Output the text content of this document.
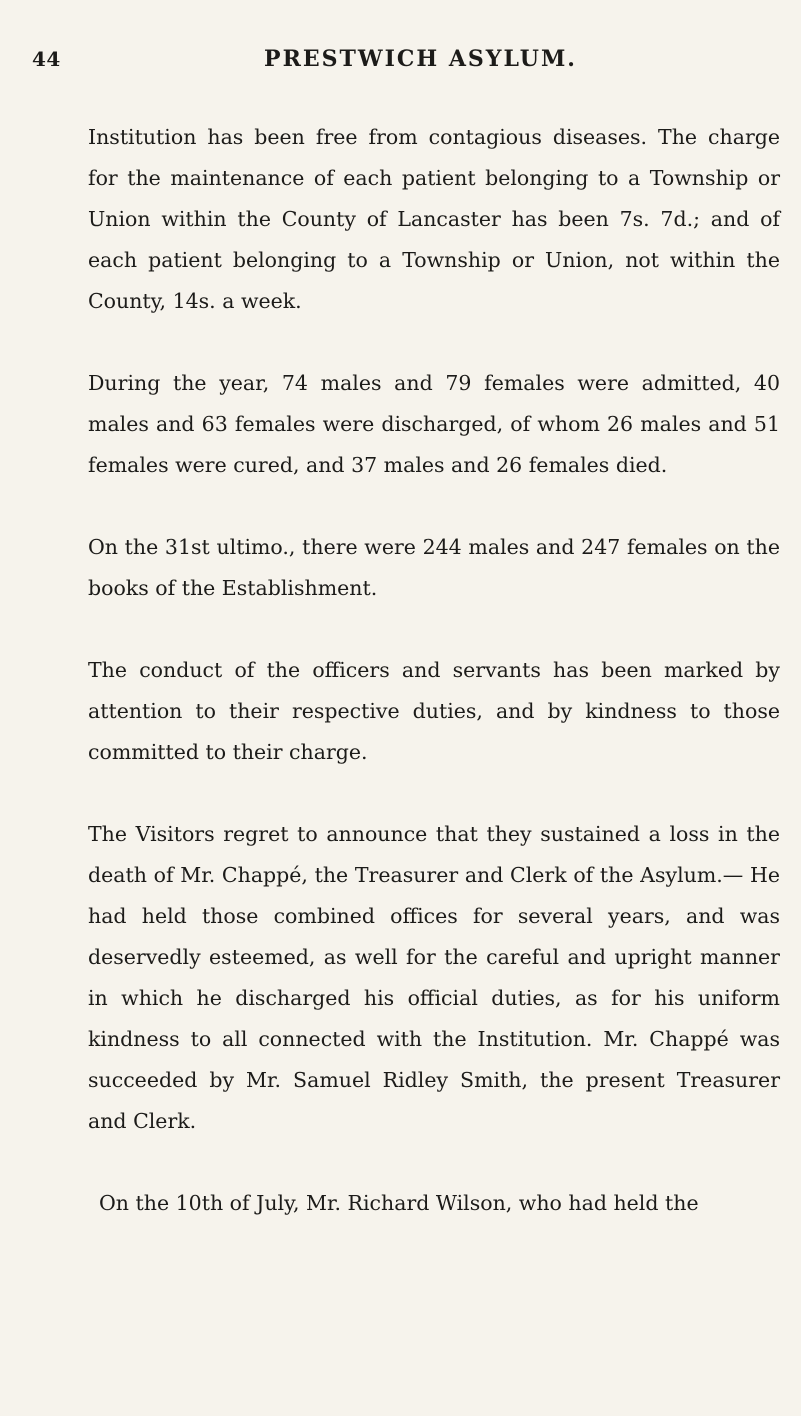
44	PRESTWICH ASYLUM.

Institution has been free from contagious diseases. The charge for the maintenance of each patient belonging to a Township or Union within the County of Lancaster has been 7s. 7d.; and of each patient belonging to a Township or Union, not within the County, 14s. a week.

During the year, 74 males and 79 females were admitted, 40 males and 63 females were discharged, of whom 26 males and 51 females were cured, and 37 males and 26 females died.

On the 31st ultimo., there were 244 males and 247 females on the books of the Establishment.

The conduct of the officers and servants has been marked by attention to their respective duties, and by kindness to those committed to their charge.

The Visitors regret to announce that they sustained a loss in the death of Mr. Chappé, the Treasurer and Clerk of the Asylum.— He had held those combined offices for several years, and was deservedly esteemed, as well for the careful and upright manner in which he discharged his official duties, as for his uniform kindness to all connected with the Institution. Mr. Chappé was succeeded by Mr. Samuel Ridley Smith, the present Treasurer and Clerk.

On the 10th of July, Mr. Richard Wilson, who had held the
